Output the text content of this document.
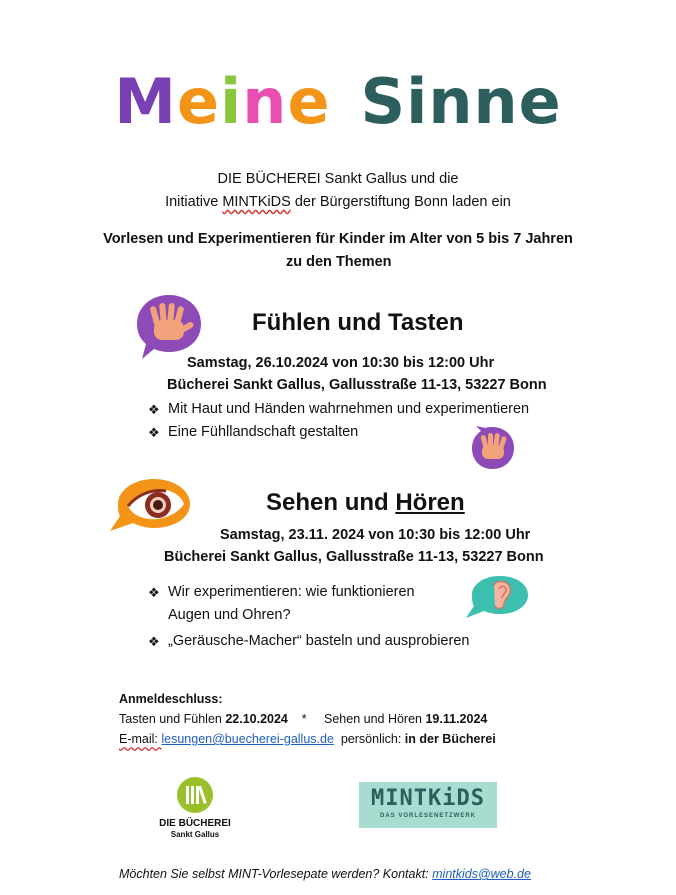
Meine Sinne
DIE BÜCHEREI Sankt Gallus und die
Initiative MINTKiDS der Bürgerstiftung Bonn laden ein
Vorlesen und Experimentieren für Kinder im Alter von 5 bis 7 Jahren
zu den Themen
Fühlen und Tasten
Samstag, 26.10.2024 von 10:30 bis 12:00 Uhr
Bücherei Sankt Gallus, Gallusstraße 11-13, 53227 Bonn
❖ Mit Haut und Händen wahrnehmen und experimentieren
❖ Eine Fühllandschaft gestalten
Sehen und Hören
Samstag, 23.11. 2024 von 10:30 bis 12:00 Uhr
Bücherei Sankt Gallus, Gallusstraße 11-13, 53227 Bonn
❖ Wir experimentieren: wie funktionieren
Augen und Ohren?
❖ „Geräusche-Macher“ basteln und ausprobieren
Anmeldeschluss:
Tasten und Fühlen 22.10.2024    *     Sehen und Hören 19.11.2024
E-mail: lesungen@buecherei-gallus.de  persönlich: in der Bücherei
DIE BÜCHEREI
Sankt Gallus
MINTKiDS
DAS VORLESENETZWERK
Möchten Sie selbst MINT-Vorlesepate werden? Kontakt: mintkids@web.de
